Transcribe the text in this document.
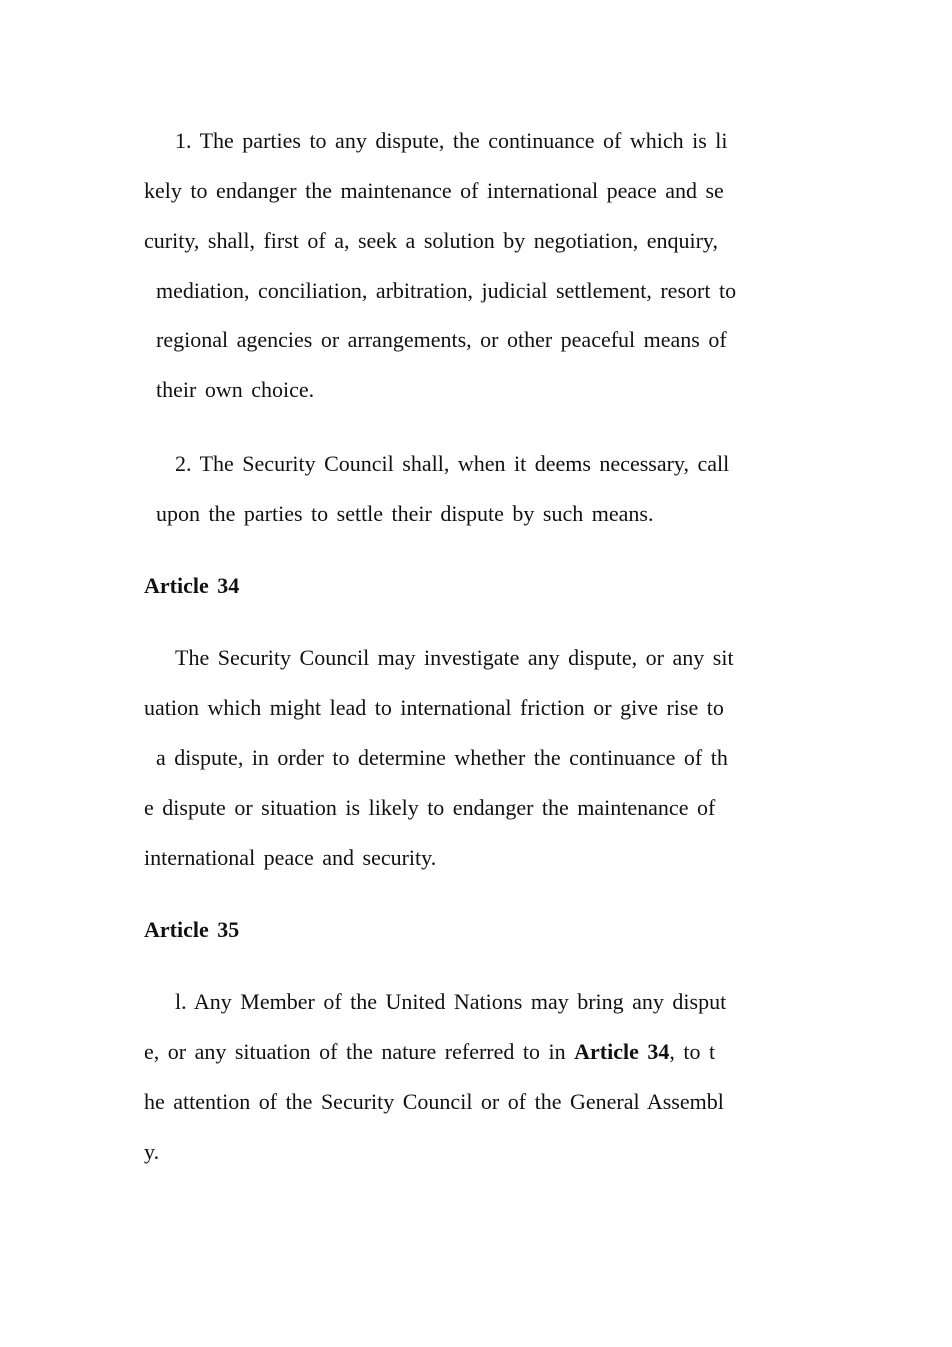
1. The parties to any dispute, the continuance of which is li
kely to endanger the maintenance of international peace and se
curity, shall, first of a, seek a solution by negotiation, enquiry,
mediation, conciliation, arbitration, judicial settlement, resort to
regional agencies or arrangements, or other peaceful means of
their own choice.
2. The Security Council shall, when it deems necessary, call
upon the parties to settle their dispute by such means.
Article 34
The Security Council may investigate any dispute, or any sit
uation which might lead to international friction or give rise to
a dispute, in order to determine whether the continuance of th
e dispute or situation is likely to endanger the maintenance of
international peace and security.
Article 35
l. Any Member of the United Nations may bring any disput
e, or any situation of the nature referred to in Article 34, to t
he attention of the Security Council or of the General Assembl
y.
